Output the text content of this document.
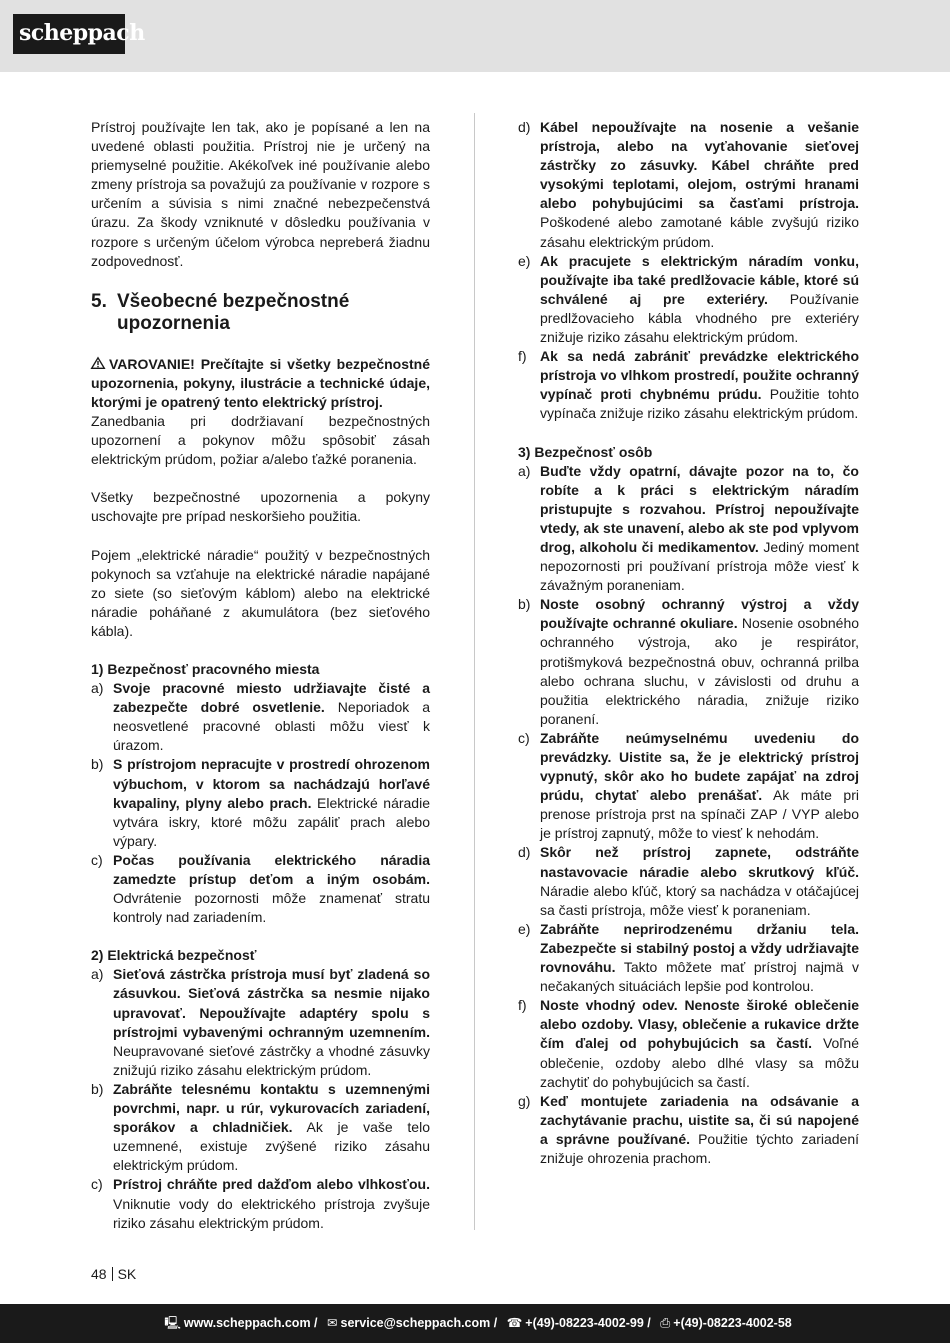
scheppach

Prístroj používajte len tak, ako je popísané a len na uvedené oblasti použitia. Prístroj nie je určený na priemyselné použitie. Akékoľvek iné používanie alebo zmeny prístroja sa považujú za používanie v rozpore s určením a súvisia s nimi značné nebezpečenstvá úrazu. Za škody vzniknuté v dôsledku používania v rozpore s určeným účelom výrobca nepreberá žiadnu zodpovednosť.

5. Všeobecné bezpečnostné upozornenia

VAROVANIE! Prečítajte si všetky bezpečnostné upozornenia, pokyny, ilustrácie a technické údaje, ktorými je opatrený tento elektrický prístroj.

Zanedbania pri dodržiavaní bezpečnostných upozornení a pokynov môžu spôsobiť zásah elektrickým prúdom, požiar a/alebo ťažké poranenia.

Všetky bezpečnostné upozornenia a pokyny uschovajte pre prípad neskoršieho použitia.

Pojem „elektrické náradie“ použitý v bezpečnostných pokynoch sa vzťahuje na elektrické náradie napájané zo siete (so sieťovým káblom) alebo na elektrické náradie poháňané z akumulátora (bez sieťového kábla).

1) Bezpečnosť pracovného miesta
a) Svoje pracovné miesto udržiavajte čisté a zabezpečte dobré osvetlenie. Neporiadok a neosvetlené pracovné oblasti môžu viesť k úrazom.
b) S prístrojom nepracujte v prostredí ohrozenom výbuchom, v ktorom sa nachádzajú horľavé kvapaliny, plyny alebo prach. Elektrické náradie vytvára iskry, ktoré môžu zapáliť prach alebo výpary.
c) Počas používania elektrického náradia zamedzte prístup deťom a iným osobám. Odvrátenie pozornosti môže znamenať stratu kontroly nad zariadením.
2) Elektrická bezpečnosť
a) Sieťová zástrčka prístroja musí byť zladená so zásuvkou. Sieťová zástrčka sa nesmie nijako upravovať. Nepoužívajte adaptéry spolu s prístrojmi vybavenými ochranným uzemnením. Neupravované sieťové zástrčky a vhodné zásuvky znižujú riziko zásahu elektrickým prúdom.
b) Zabráňte telesnému kontaktu s uzemnenými povrchmi, napr. u rúr, vykurovacích zariadení, sporákov a chladničiek. Ak je vaše telo uzemnené, existuje zvýšené riziko zásahu elektrickým prúdom.
c) Prístroj chráňte pred dažďom alebo vlhkosťou. Vniknutie vody do elektrického prístroja zvyšuje riziko zásahu elektrickým prúdom.
d) Kábel nepoužívajte na nosenie a vešanie prístroja, alebo na vyťahovanie sieťovej zástrčky zo zásuvky. Kábel chráňte pred vysokými teplotami, olejom, ostrými hranami alebo pohybujúcimi sa časťami prístroja. Poškodené alebo zamotané káble zvyšujú riziko zásahu elektrickým prúdom.
e) Ak pracujete s elektrickým náradím vonku, používajte iba také predlžovacie káble, ktoré sú schválené aj pre exteriéry. Používanie predlžovacieho kábla vhodného pre exteriéry znižuje riziko zásahu elektrickým prúdom.
f) Ak sa nedá zabrániť prevádzke elektrického prístroja vo vlhkom prostredí, použite ochranný vypínač proti chybnému prúdu. Použitie tohto vypínača znižuje riziko zásahu elektrickým prúdom.
3) Bezpečnosť osôb
a) Buďte vždy opatrní, dávajte pozor na to, čo robíte a k práci s elektrickým náradím pristupujte s rozvahou. Prístroj nepoužívajte vtedy, ak ste unavení, alebo ak ste pod vplyvom drog, alkoholu či medikamentov. Jediný moment nepozornosti pri používaní prístroja môže viesť k závažným poraneniam.
b) Noste osobný ochranný výstroj a vždy používajte ochranné okuliare. Nosenie osobného ochranného výstroja, ako je respirátor, protišmyková bezpečnostná obuv, ochranná prilba alebo ochrana sluchu, v závislosti od druhu a použitia elektrického náradia, znižuje riziko poranení.
c) Zabráňte neúmyselnému uvedeniu do prevádzky. Uistite sa, že je elektrický prístroj vypnutý, skôr ako ho budete zapájať na zdroj prúdu, chytať alebo prenášať. Ak máte pri prenose prístroja prst na spínači ZAP / VYP alebo je prístroj zapnutý, môže to viesť k nehodám.
d) Skôr než prístroj zapnete, odstráňte nastavovacie náradie alebo skrutkový kľúč. Náradie alebo kľúč, ktorý sa nachádza v otáčajúcej sa časti prístroja, môže viesť k poraneniam.
e) Zabráňte neprirodzenému držaniu tela. Zabezpečte si stabilný postoj a vždy udržiavajte rovnováhu. Takto môžete mať prístroj najmä v nečakaných situáciách lepšie pod kontrolou.
f) Noste vhodný odev. Nenoste široké oblečenie alebo ozdoby. Vlasy, oblečenie a rukavice držte čím ďalej od pohybujúcich sa častí. Voľné oblečenie, ozdoby alebo dlhé vlasy sa môžu zachytiť do pohybujúcich sa častí.
g) Keď montujete zariadenia na odsávanie a zachytávanie prachu, uistite sa, či sú napojené a správne používané. Použitie týchto zariadení znižuje ohrozenia prachom.
48 SK
🖳 www.scheppach.com / ✉ service@scheppach.com / ☎ +(49)-08223-4002-99 / ⎙ +(49)-08223-4002-58
